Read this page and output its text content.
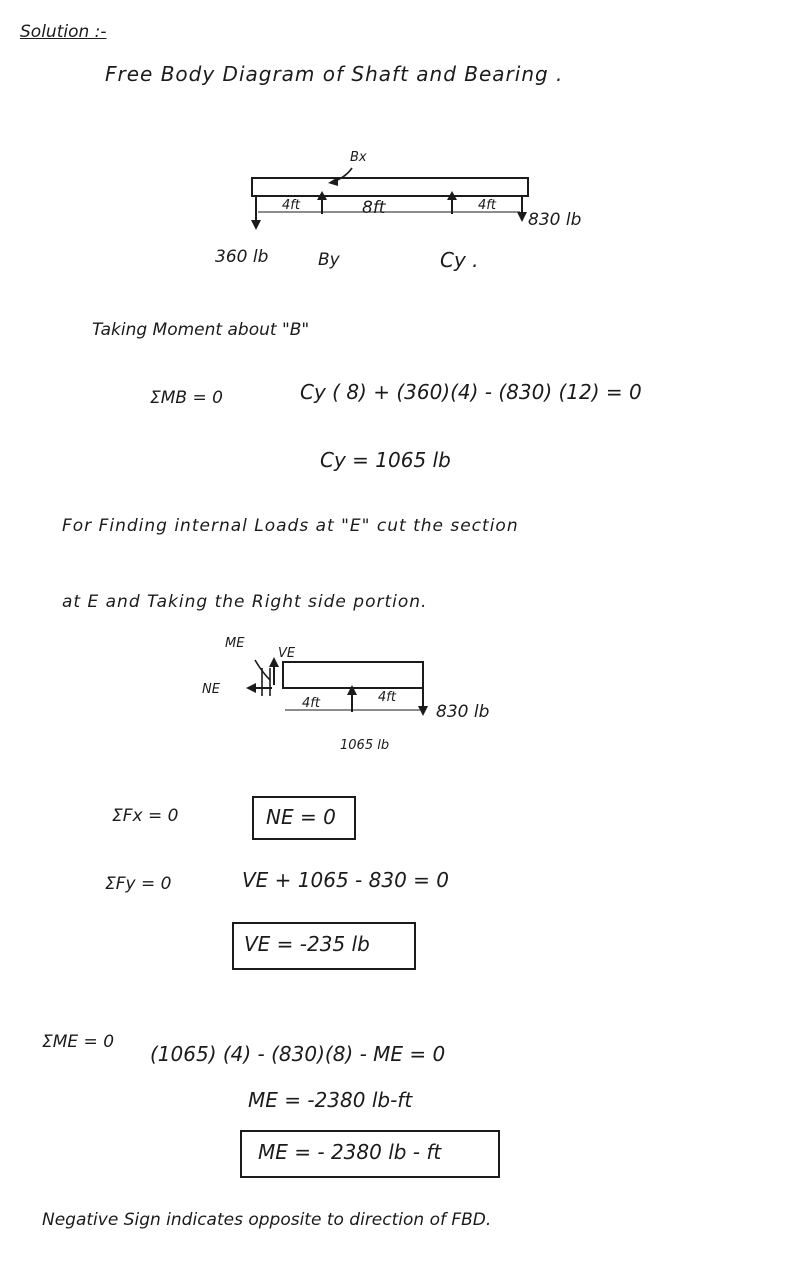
Solution :-
Free Body Diagram of Shaft and Bearing .
Bx
4ft	8ft	4ft
830 lb
360 lb	By	Cy .
Taking Moment about "B"
ΣMB = 0	Cy ( 8) + (360)(4) - (830) (12) = 0
Cy = 1065 lb
For Finding internal Loads at "E" cut the section
at E and Taking the Right side portion.
ME
VE
NE
4ft	4ft
830 lb
1065 lb
ΣFx = 0	NE = 0
ΣFy = 0	VE + 1065 - 830 = 0
VE = -235 lb
ΣME = 0 (1065) (4) - (830)(8) - ME = 0
ME = -2380 lb-ft
ME = - 2380 lb - ft
Negative Sign indicates opposite to direction of FBD.
